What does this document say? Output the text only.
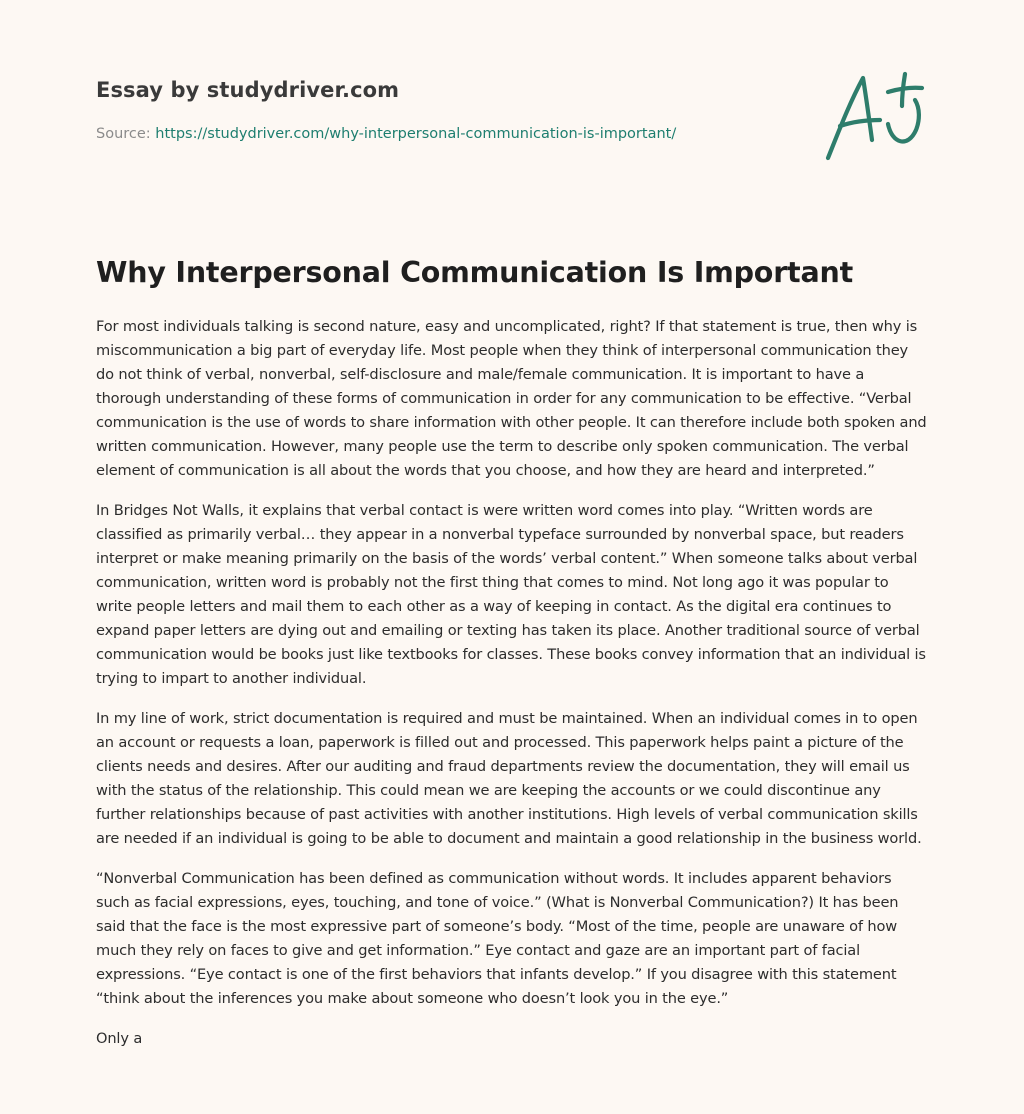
Essay by studydriver.com
Source: https://studydriver.com/why-interpersonal-communication-is-important/
Why Interpersonal Communication Is Important

For most individuals talking is second nature, easy and uncomplicated, right? If that statement is true, then why is miscommunication a big part of everyday life. Most people when they think of interpersonal communication they do not think of verbal, nonverbal, self-disclosure and male/female communication. It is important to have a thorough understanding of these forms of communication in order for any communication to be effective. “Verbal communication is the use of words to share information with other people. It can therefore include both spoken and written communication. However, many people use the term to describe only spoken communication. The verbal element of communication is all about the words that you choose, and how they are heard and interpreted.”

In Bridges Not Walls, it explains that verbal contact is were written word comes into play. “Written words are classified as primarily verbal… they appear in a nonverbal typeface surrounded by nonverbal space, but readers interpret or make meaning primarily on the basis of the words’ verbal content.” When someone talks about verbal communication, written word is probably not the first thing that comes to mind. Not long ago it was popular to write people letters and mail them to each other as a way of keeping in contact. As the digital era continues to expand paper letters are dying out and emailing or texting has taken its place. Another traditional source of verbal communication would be books just like textbooks for classes. These books convey information that an individual is trying to impart to another individual.

In my line of work, strict documentation is required and must be maintained. When an individual comes in to open an account or requests a loan, paperwork is filled out and processed. This paperwork helps paint a picture of the clients needs and desires. After our auditing and fraud departments review the documentation, they will email us with the status of the relationship. This could mean we are keeping the accounts or we could discontinue any further relationships because of past activities with another institutions. High levels of verbal communication skills are needed if an individual is going to be able to document and maintain a good relationship in the business world.

“Nonverbal Communication has been defined as communication without words. It includes apparent behaviors such as facial expressions, eyes, touching, and tone of voice.” (What is Nonverbal Communication?) It has been said that the face is the most expressive part of someone’s body. “Most of the time, people are unaware of how much they rely on faces to give and get information.” Eye contact and gaze are an important part of facial expressions. “Eye contact is one of the first behaviors that infants develop.” If you disagree with this statement “think about the inferences you make about someone who doesn’t look you in the eye.”

Only a
